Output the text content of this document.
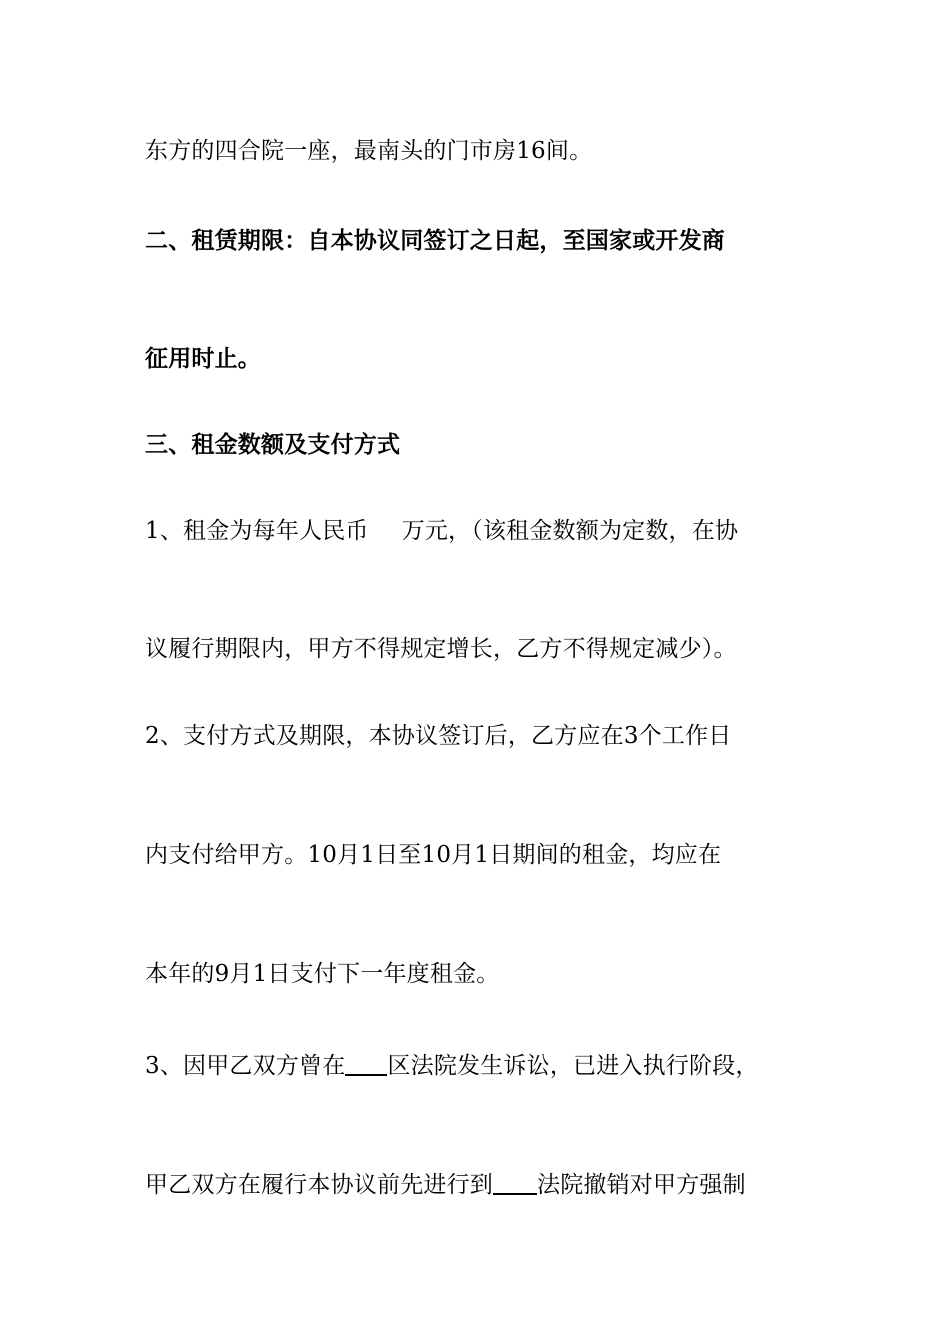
东方的四合院一座，最南头的门市房16间。
二、租赁期限：自本协议同签订之日起，至国家或开发商
征用时止。
三、租金数额及支付方式
1、租金为每年人民币 万元，（该租金数额为定数，在协
议履行期限内，甲方不得规定增长，乙方不得规定减少）。
2、支付方式及期限，本协议签订后，乙方应在3个工作日
内支付给甲方。10月1日至10月1日期间的租金，均应在
本年的9月1日支付下一年度租金。
3、因甲乙双方曾在 区法院发生诉讼，已进入执行阶段，
甲乙双方在履行本协议前先进行到 法院撤销对甲方强制
